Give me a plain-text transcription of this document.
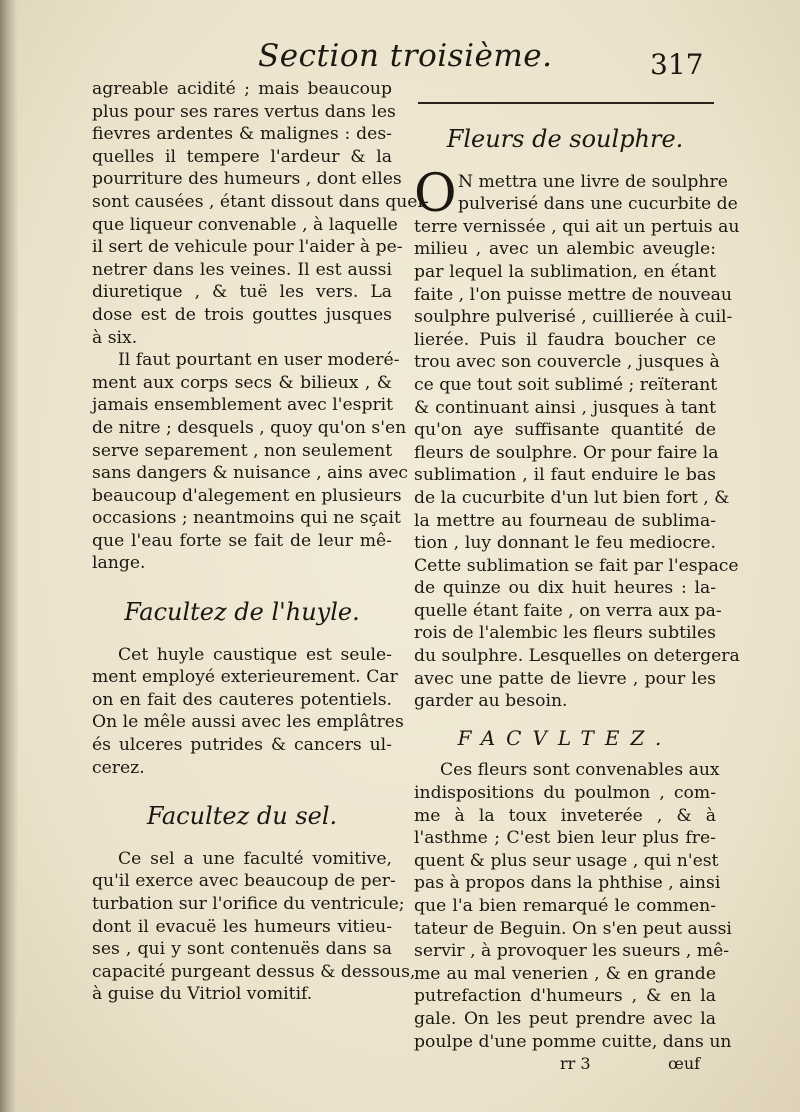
Section troisième.	317
agreable acidité ; mais beaucoup
plus pour ses rares vertus dans les
fievres ardentes & malignes : des-
quelles il tempere l'ardeur & la
pourriture des humeurs , dont elles
sont causées , étant dissout dans quel-
que liqueur convenable , à laquelle
il sert de vehicule pour l'aider à pe-
netrer dans les veines. Il est aussi
diuretique , & tuë les vers. La
dose est de trois gouttes jusques
à six.
Il faut pourtant en user moderé-
ment aux corps secs & bilieux , &
jamais ensemblement avec l'esprit
de nitre ; desquels , quoy qu'on s'en
serve separement , non seulement
sans dangers & nuisance , ains avec
beaucoup d'alegement en plusieurs
occasions ; neantmoins qui ne sçait
que l'eau forte se fait de leur mê-
lange.
Facultez de l'huyle.
Cet huyle caustique est seule-
ment employé exterieurement. Car
on en fait des cauteres potentiels.
On le mêle aussi avec les emplâtres
és ulceres putrides & cancers ul-
cerez.
Facultez du sel.
Ce sel a une faculté vomitive,
qu'il exerce avec beaucoup de per-
turbation sur l'orifice du ventricule;
dont il evacuë les humeurs vitieu-
ses , qui y sont contenuës dans sa
capacité purgeant dessus & dessous,
à guise du Vitriol vomitif.
Fleurs de soulphre.
O N mettra une livre de soulphre
pulverisé dans une cucurbite de
terre vernissée , qui ait un pertuis au
milieu , avec un alembic aveugle:
par lequel la sublimation, en étant
faite , l'on puisse mettre de nouveau
soulphre pulverisé , cuillierée à cuil-
lierée. Puis il faudra boucher ce
trou avec son couvercle , jusques à
ce que tout soit sublimé ; reïterant
& continuant ainsi , jusques à tant
qu'on aye suffisante quantité de
fleurs de soulphre. Or pour faire la
sublimation , il faut enduire le bas
de la cucurbite d'un lut bien fort , &
la mettre au fourneau de sublima-
tion , luy donnant le feu mediocre.
Cette sublimation se fait par l'espace
de quinze ou dix huit heures : la-
quelle étant faite , on verra aux pa-
rois de l'alembic les fleurs subtiles
du soulphre. Lesquelles on detergera
avec une patte de lievre , pour les
garder au besoin.
FACVLTEZ.
Ces fleurs sont convenables aux
indispositions du poulmon , com-
me à la toux inveterée , & à
l'asthme ; C'est bien leur plus fre-
quent & plus seur usage , qui n'est
pas à propos dans la phthise , ainsi
que l'a bien remarqué le commen-
tateur de Beguin. On s'en peut aussi
servir , à provoquer les sueurs , mê-
me au mal venerien , & en grande
putrefaction d'humeurs , & en la
gale. On les peut prendre avec la
poulpe d'une pomme cuitte, dans un
rr 3	œuf
